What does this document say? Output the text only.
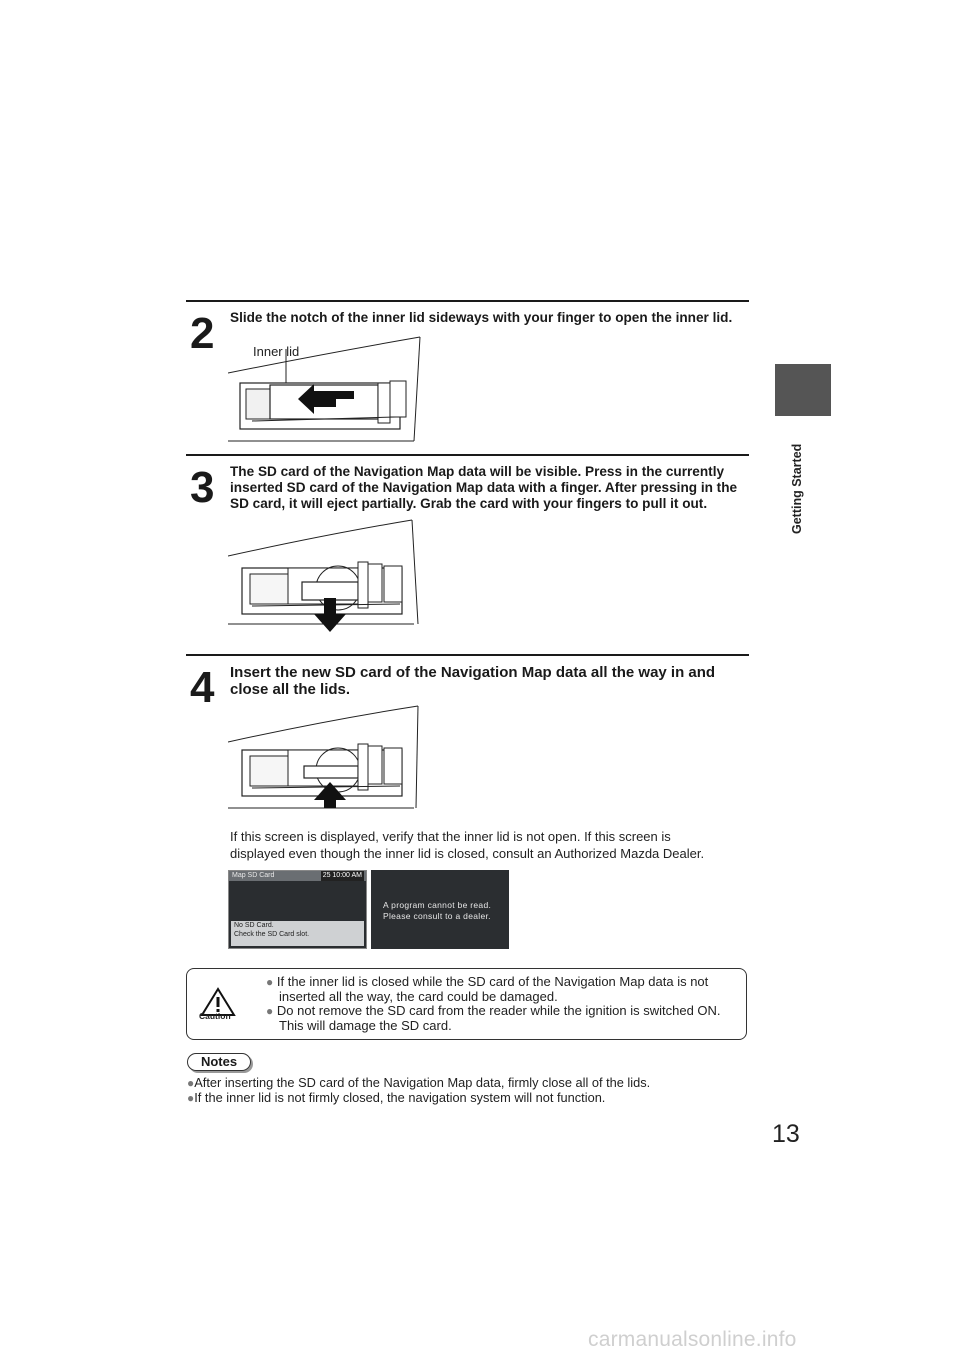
Getting Started
2 Slide the notch of the inner lid sideways with your finger to open the inner lid.
Inner lid
3 The SD card of the Navigation Map data will be visible. Press in the currently
inserted SD card of the Navigation Map data with a finger. After pressing in the
SD card, it will eject partially. Grab the card with your fingers to pull it out.
4 Insert the new SD card of the Navigation Map data all the way in and
close all the lids.
If this screen is displayed, verify that the inner lid is not open. If this screen is
displayed even though the inner lid is closed, consult an Authorized Mazda Dealer.
Map SD Card	25 10:00 AM
No SD Card.
Check the SD Card slot.
A program cannot be read.
Please consult to a dealer.
Caution
● If the inner lid is closed while the SD card of the Navigation Map data is not
inserted all the way, the card could be damaged.
● Do not remove the SD card from the reader while the ignition is switched ON.
This will damage the SD card.
Notes
●After inserting the SD card of the Navigation Map data, firmly close all of the lids.
●If the inner lid is not firmly closed, the navigation system will not function.
13
carmanualsonline.info
